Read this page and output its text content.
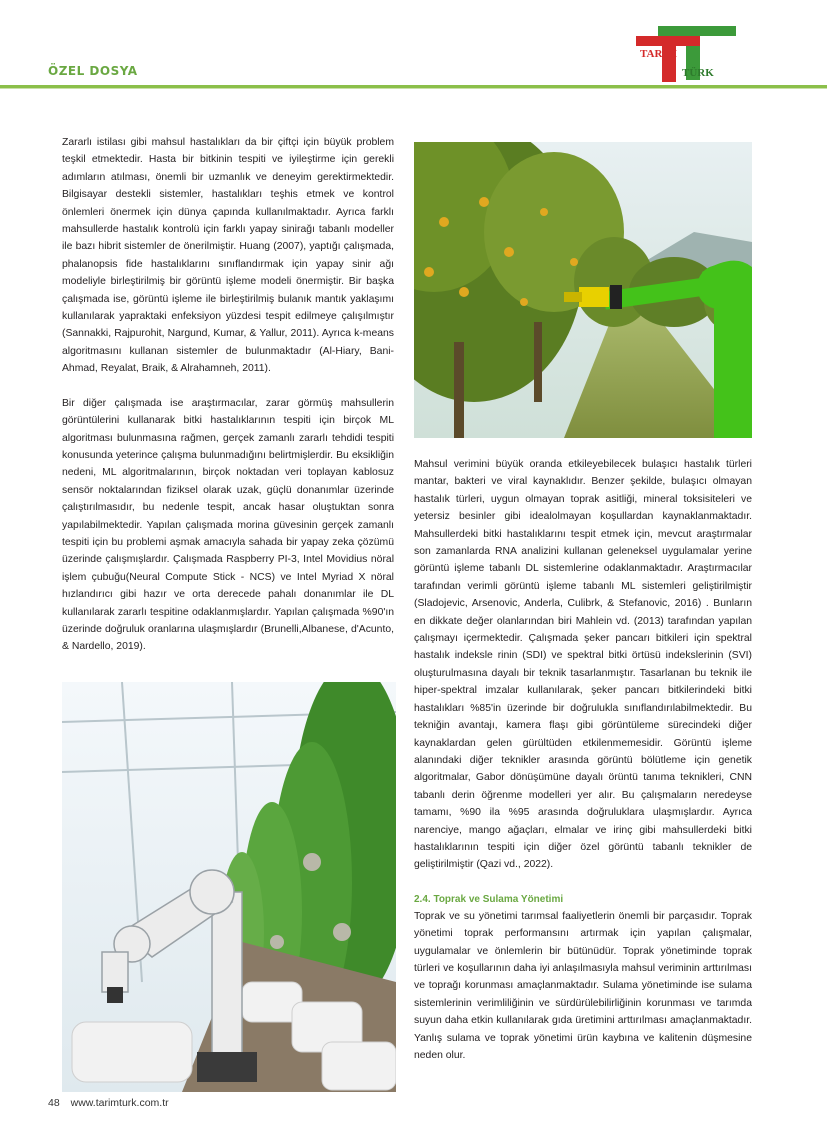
ÖZEL DOSYA
TARIM
TÜRK

Zararlı istilası gibi mahsul hastalıkları da bir çiftçi için büyük problem teşkil etmektedir. Hasta bir bitkinin tespiti ve iyileştirme için gerekli adımların atılması, önemli bir uzmanlık ve deneyim gerektirmektedir. Bilgisayar destekli sistemler, hastalıkları teşhis etmek ve kontrol önlemleri önermek için dünya çapında kullanılmaktadır. Ayrıca farklı mahsullerde hastalık kontrolü için farklı yapay sinirağı tabanlı modeller ile bazı hibrit sistemler de önerilmiştir. Huang (2007), yaptığı çalışmada, phalanopsis fide hastalıklarını sınıflandırmak için yapay sinir ağı modeliyle birleştirilmiş bir görüntü işleme modeli önermiştir. Bir başka çalışmada ise, görüntü işleme ile birleştirilmiş bulanık mantık yaklaşımı kullanılarak yapraktaki enfeksiyon yüzdesi tespit edilmeye çalışılmıştır (Sannakki, Rajpurohit, Nargund, Kumar, & Yallur, 2011). Ayrıca k-means algoritmasını kullanan sistemler de bulunmaktadır (Al-Hiary, Bani-Ahmad, Reyalat, Braik, & Alrahamneh, 2011).

Bir diğer çalışmada ise araştırmacılar, zarar görmüş mahsullerin görüntülerini kullanarak bitki hastalıklarının tespiti için birçok ML algoritması bulunmasına rağmen, gerçek zamanlı zararlı tehdidi tespiti konusunda yeterince çalışma bulunmadığını belirtmişlerdir. Bu eksikliğin nedeni, ML algoritmalarının, birçok noktadan veri toplayan kablosuz sensör noktalarından fiziksel olarak uzak, güçlü donanımlar üzerinde çalıştırılmasıdır, bu nedenle tespit, ancak hasar oluştuktan sonra yapılabilmektedir. Yapılan çalışmada morina güvesinin gerçek zamanlı tespiti için bu problemi aşmak amacıyla sahada bir yapay zeka çözümü üzerinde çalışmışlardır. Çalışmada Raspberry PI-3, Intel Movidius nöral işlem çubuğu(Neural Compute Stick - NCS) ve Intel Myriad X nöral hızlandırıcı gibi hazır ve orta derecede pahalı donanımlar ile DL kullanılarak zararlı tespitine odaklanmışlardır. Yapılan çalışmada %90'ın üzerinde doğruluk oranlarına ulaşmışlardır (Brunelli,Albanese, d'Acunto, & Nardello, 2019).

Mahsul verimini büyük oranda etkileyebilecek bulaşıcı hastalık türleri mantar, bakteri ve viral kaynaklıdır. Benzer şekilde, bulaşıcı olmayan hastalık türleri, uygun olmayan toprak asitliği, mineral toksisiteleri ve yetersiz besinler gibi idealolmayan koşullardan kaynaklanmaktadır. Mahsullerdeki bitki hastalıklarını tespit etmek için, mevcut araştırmalar son zamanlarda RNA analizini kullanan geleneksel uygulamalar yerine görüntü işleme tabanlı DL sistemlerine odaklanmaktadır. Araştırmacılar tarafından verimli görüntü işleme tabanlı ML sistemleri geliştirilmiştir (Sladojevic, Arsenovic, Anderla, Culibrk, & Stefanovic, 2016) . Bunların en dikkate değer olanlarından biri Mahlein vd. (2013) tarafından yapılan çalışmayı içermektedir. Çalışmada şeker pancarı bitkileri için spektral hastalık indeksle rinin (SDI) ve spektral bitki örtüsü indekslerinin (SVI) oluşturulmasına dayalı bir teknik tasarlanmıştır. Tasarlanan bu teknik ile hiper-spektral imzalar kullanılarak, şeker pancarı bitkilerindeki bitki hastalıkları %85'in üzerinde bir doğrulukla sınıflandırılabilmektedir. Bu tekniğin avantajı, kamera flaşı gibi görüntüleme sürecindeki diğer kaynaklardan gelen gürültüden etkilenmemesidir. Görüntü işleme alanındaki diğer teknikler arasında görüntü bölütleme için genetik algoritmalar, Gabor dönüşümüne dayalı örüntü tanıma teknikleri, CNN tabanlı derin öğrenme modelleri yer alır. Bu çalışmaların neredeyse tamamı, %90 ila %95 arasında doğruluklara ulaşmışlardır. Ayrıca narenciye, mango ağaçları, elmalar ve irinç gibi mahsullerdeki bitki hastalıklarının tespiti için diğer özel görüntü tabanlı teknikler de geliştirilmiştir (Qazi vd., 2022).

2.4. Toprak ve Sulama Yönetimi

Toprak ve su yönetimi tarımsal faaliyetlerin önemli bir parçasıdır. Toprak yönetimi toprak performansını artırmak için yapılan çalışmalar, uygulamalar ve önlemlerin bir bütünüdür. Toprak yönetiminde toprak türleri ve koşullarının daha iyi anlaşılmasıyla mahsul veriminin arttırılması ve toprağı korunması amaçlanmaktadır. Sulama yönetiminde ise sulama sistemlerinin verimliliğinin ve sürdürülebilirliğinin korunması ve tarımda suyun daha etkin kullanılarak gıda üretimini arttırılması amaçlanmaktadır. Yanlış sulama ve toprak yönetimi ürün kaybına ve kalitenin düşmesine neden olur.

48 www.tarimturk.com.tr
